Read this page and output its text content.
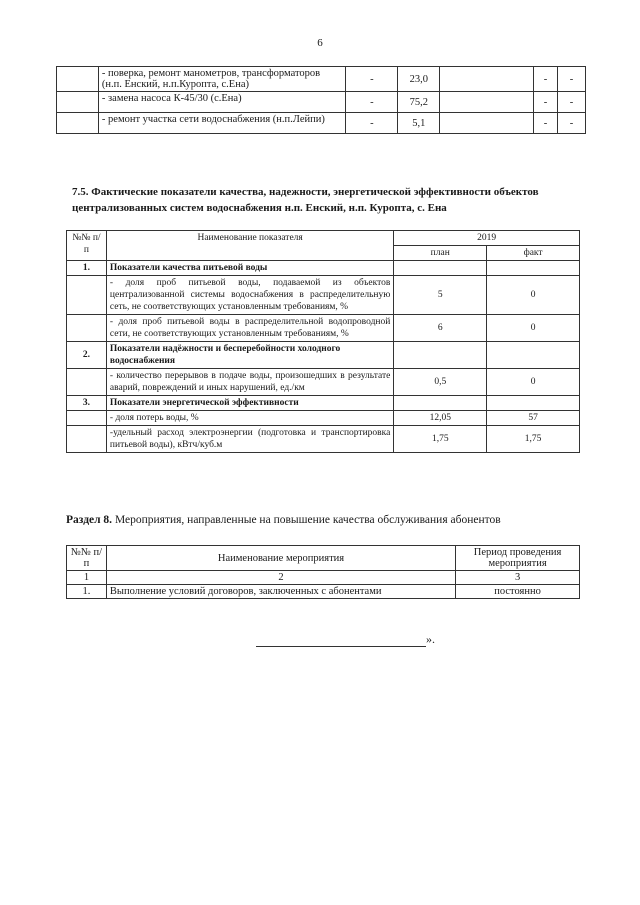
6
	- поверка, ремонт манометров, трансформаторов (н.п. Енский, н.п.Куропта, с.Ена)	-	23,0		-	-
	- замена насоса К-45/30 (с.Ена)	-	75,2		-	-
	- ремонт участка сети водоснабжения (н.п.Лейпи)	-	5,1		-	-
7.5. Фактические показатели качества, надежности, энергетической эффективности объектов централизованных систем водоснабжения н.п. Енский, н.п. Куропта, с. Ена
№№ п/п	Наименование показателя	2019	
		план	факт
1.	Показатели качества питьевой воды		
	- доля проб питьевой воды, подаваемой из объектов централизованной системы водоснабжения в распределительную сеть, не соответствующих установленным требованиям, %	5	0
	- доля проб питьевой воды в распределительной водопроводной сети, не соответствующих установленным требованиям, %	6	0
2.	Показатели надёжности и бесперебойности холодного водоснабжения		
	- количество перерывов в подаче воды, произошедших в результате аварий, повреждений и иных нарушений, ед./км	0,5	0
3.	Показатели энергетической эффективности		
	- доля потерь воды, %	12,05	57
	-удельный расход электроэнергии (подготовка и транспортировка питьевой воды), кВтч/куб.м	1,75	1,75
Раздел 8. Мероприятия, направленные на повышение качества обслуживания абонентов
№№ п/п	Наименование мероприятия	Период проведения мероприятия
1	2	3
1.	Выполнение условий договоров, заключенных с абонентами	постоянно
».
